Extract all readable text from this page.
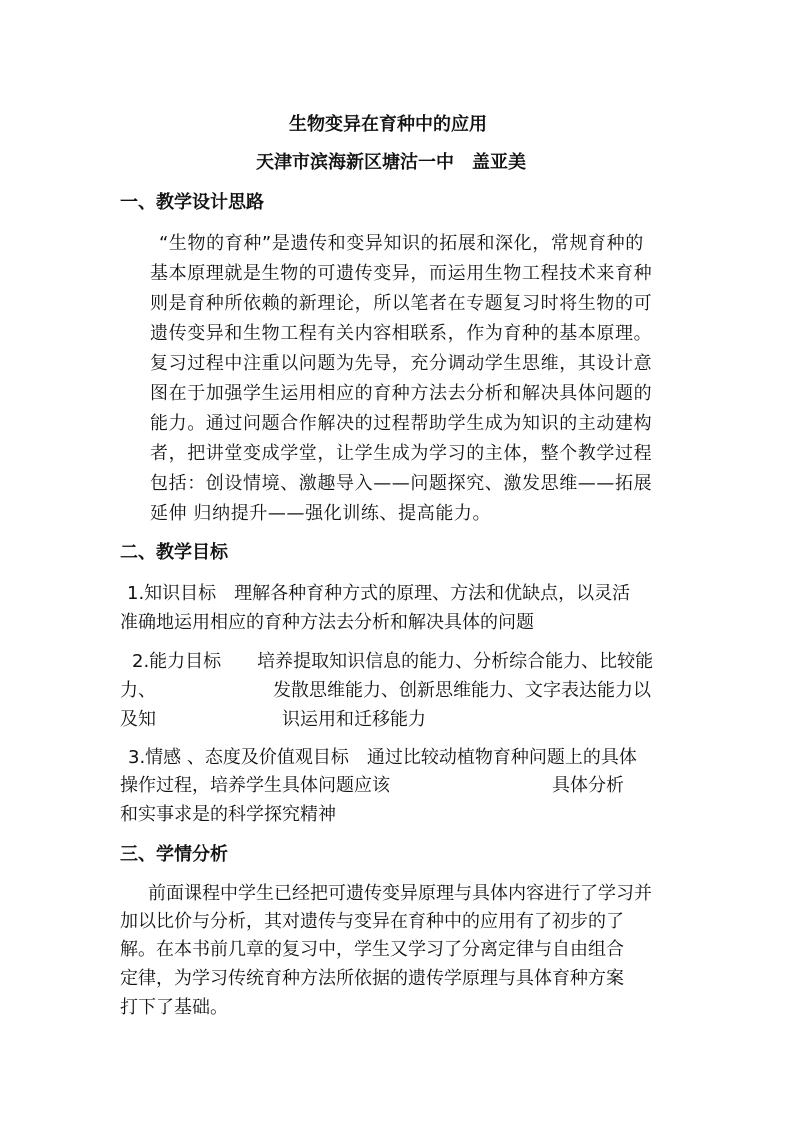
生物变异在育种中的应用
天津市滨海新区塘沽一中　盖亚美
一、教学设计思路
“生物的育种”是遗传和变异知识的拓展和深化，常规育种的
基本原理就是生物的可遗传变异，而运用生物工程技术来育种
则是育种所依赖的新理论，所以笔者在专题复习时将生物的可
遗传变异和生物工程有关内容相联系，作为育种的基本原理。
复习过程中注重以问题为先导，充分调动学生思维，其设计意
图在于加强学生运用相应的育种方法去分析和解决具体问题的
能力。通过问题合作解决的过程帮助学生成为知识的主动建构
者，把讲堂变成学堂，让学生成为学习的主体，整个教学过程
包括：创设情境、激趣导入——问题探究、激发思维——拓展
延伸 归纳提升——强化训练、提高能力。
二、教学目标
1.知识目标　理解各种育种方式的原理、方法和优缺点，以灵活
准确地运用相应的育种方法去分析和解决具体的问题
2.能力目标　　培养提取知识信息的能力、分析综合能力、比较能
力、　　　　　　　发散思维能力、创新思维能力、文字表达能力以
及知　　　　　　　识运用和迁移能力
3.情感 、态度及价值观目标　通过比较动植物育种问题上的具体
操作过程，培养学生具体问题应该　　　　　　　　　具体分析
和实事求是的科学探究精神
三、学情分析
前面课程中学生已经把可遗传变异原理与具体内容进行了学习并
加以比价与分析，其对遗传与变异在育种中的应用有了初步的了
解。在本书前几章的复习中，学生又学习了分离定律与自由组合
定律，为学习传统育种方法所依据的遗传学原理与具体育种方案
打下了基础。
